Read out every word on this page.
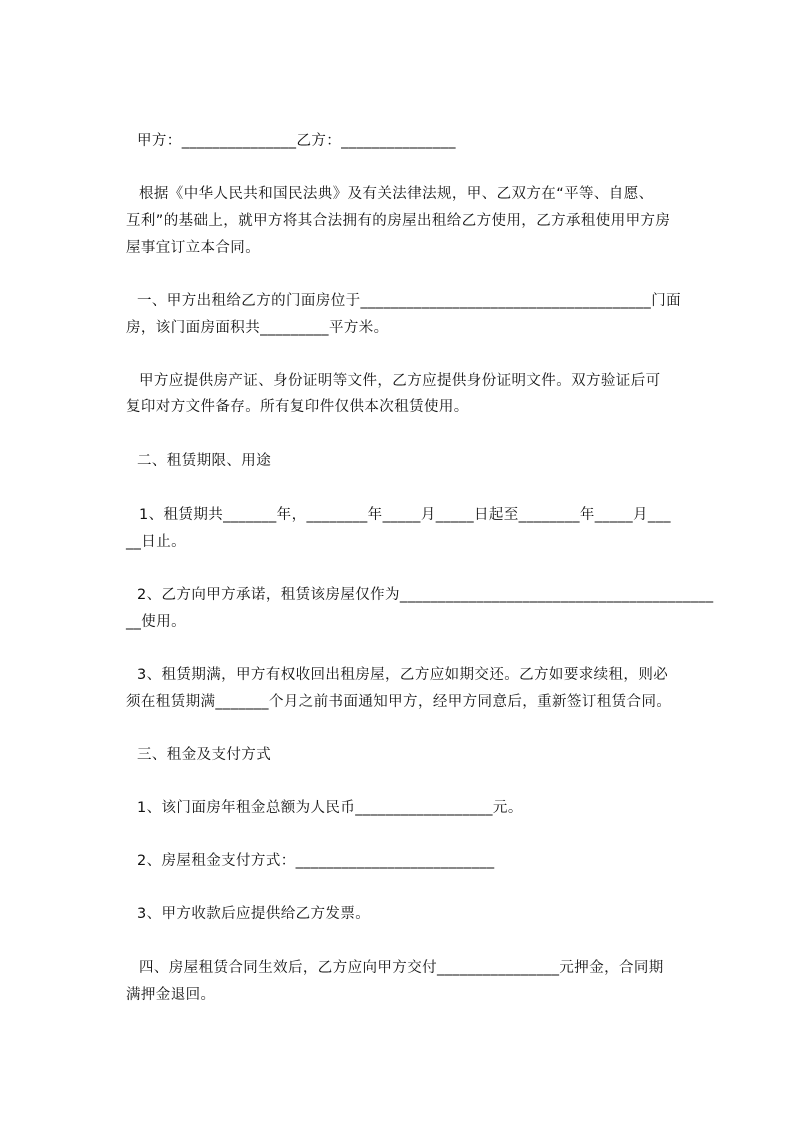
甲方：_______________乙方：_______________
根据《中华人民共和国民法典》及有关法律法规，甲、乙双方在“平等、自愿、
互利”的基础上，就甲方将其合法拥有的房屋出租给乙方使用，乙方承租使用甲方房
屋事宜订立本合同。
一、甲方出租给乙方的门面房位于______________________________________门面
房，该门面房面积共_________平方米。
甲方应提供房产证、身份证明等文件，乙方应提供身份证明文件。双方验证后可
复印对方文件备存。所有复印件仅供本次租赁使用。
二、租赁期限、用途
1、租赁期共_______年，________年_____月_____日起至________年_____月___
__日止。
2、乙方向甲方承诺，租赁该房屋仅作为_________________________________________
__使用。
3、租赁期满，甲方有权收回出租房屋，乙方应如期交还。乙方如要求续租，则必
须在租赁期满_______个月之前书面通知甲方，经甲方同意后，重新签订租赁合同。
三、租金及支付方式
1、该门面房年租金总额为人民币__________________元。
2、房屋租金支付方式：__________________________
3、甲方收款后应提供给乙方发票。
四、房屋租赁合同生效后，乙方应向甲方交付________________元押金，合同期
满押金退回。
